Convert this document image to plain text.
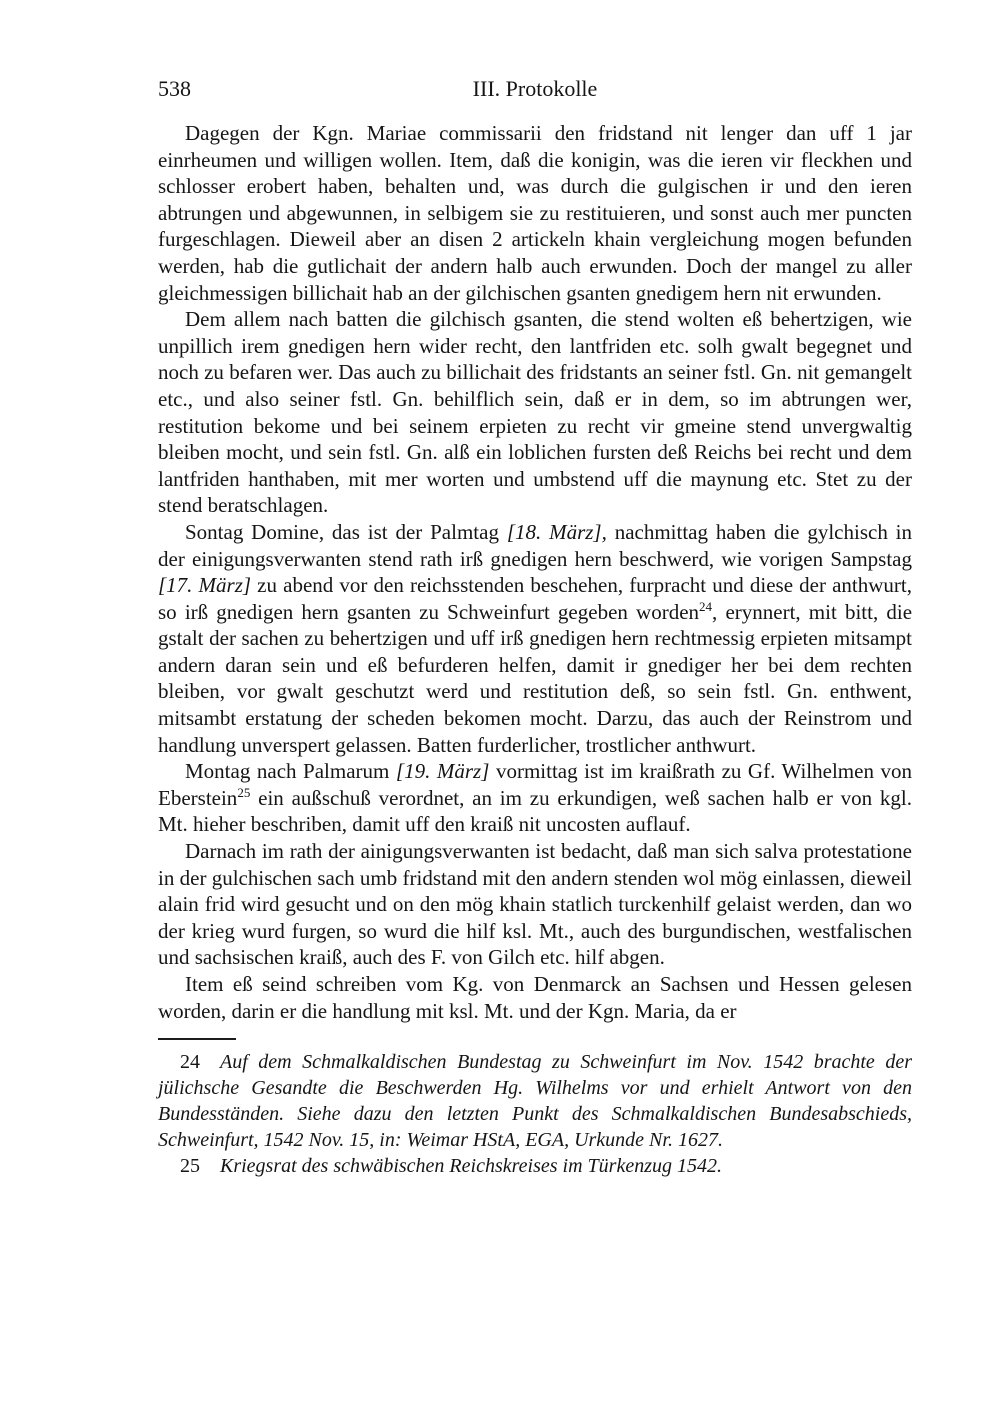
538	III. Protokolle

Dagegen der Kgn. Mariae commissarii den fridstand nit lenger dan uff 1 jar einrheumen und willigen wollen. Item, daß die konigin, was die ieren vir fleckhen und schlosser erobert haben, behalten und, was durch die gulgischen ir und den ieren abtrungen und abgewunnen, in selbigem sie zu restituieren, und sonst auch mer puncten furgeschlagen. Dieweil aber an disen 2 artickeln khain vergleichung mogen befunden werden, hab die gutlichait der andern halb auch erwunden. Doch der mangel zu aller gleichmessigen billichait hab an der gilchischen gsanten gnedigem hern nit erwunden.

Dem allem nach batten die gilchisch gsanten, die stend wolten eß behertzigen, wie unpillich irem gnedigen hern wider recht, den lantfriden etc. solh gwalt begegnet und noch zu befaren wer. Das auch zu billichait des fridstants an seiner fstl. Gn. nit gemangelt etc., und also seiner fstl. Gn. behilflich sein, daß er in dem, so im abtrungen wer, restitution bekome und bei seinem erpieten zu recht vir gmeine stend unvergwaltig bleiben mocht, und sein fstl. Gn. alß ein loblichen fursten deß Reichs bei recht und dem lantfriden hanthaben, mit mer worten und umbstend uff die maynung etc. Stet zu der stend beratschlagen.

Sontag Domine, das ist der Palmtag [18. März], nachmittag haben die gylchisch in der einigungsverwanten stend rath irß gnedigen hern beschwerd, wie vorigen Sampstag [17. März] zu abend vor den reichsstenden beschehen, furpracht und diese der anthwurt, so irß gnedigen hern gsanten zu Schweinfurt gegeben worden$^{24}$, erynnert, mit bitt, die gstalt der sachen zu behertzigen und uff irß gnedigen hern rechtmessig erpieten mitsampt andern daran sein und eß befurderen helfen, damit ir gnediger her bei dem rechten bleiben, vor gwalt geschutzt werd und restitution deß, so sein fstl. Gn. enthwent, mitsambt erstatung der scheden bekomen mocht. Darzu, das auch der Reinstrom und handlung unverspert gelassen. Batten furderlicher, trostlicher anthwurt.

Montag nach Palmarum [19. März] vormittag ist im kraißrath zu Gf. Wilhelmen von Eberstein$^{25}$ ein außschuß verordnet, an im zu erkundigen, weß sachen halb er von kgl. Mt. hieher beschriben, damit uff den kraiß nit uncosten auflauf.

Darnach im rath der ainigungsverwanten ist bedacht, daß man sich salva protestatione in der gulchischen sach umb fridstand mit den andern stenden wol mög einlassen, dieweil alain frid wird gesucht und on den mög khain statlich turckenhilf gelaist werden, dan wo der krieg wurd furgen, so wurd die hilf ksl. Mt., auch des burgundischen, westfalischen und sachsischen kraiß, auch des F. von Gilch etc. hilf abgen.

Item eß seind schreiben vom Kg. von Denmarck an Sachsen und Hessen gelesen worden, darin er die handlung mit ksl. Mt. und der Kgn. Maria, da er

24 Auf dem Schmalkaldischen Bundestag zu Schweinfurt im Nov. 1542 brachte der jülichsche Gesandte die Beschwerden Hg. Wilhelms vor und erhielt Antwort von den Bundesständen. Siehe dazu den letzten Punkt des Schmalkaldischen Bundesabschieds, Schweinfurt, 1542 Nov. 15, in: Weimar HStA, EGA, Urkunde Nr. 1627.

25 Kriegsrat des schwäbischen Reichskreises im Türkenzug 1542.
